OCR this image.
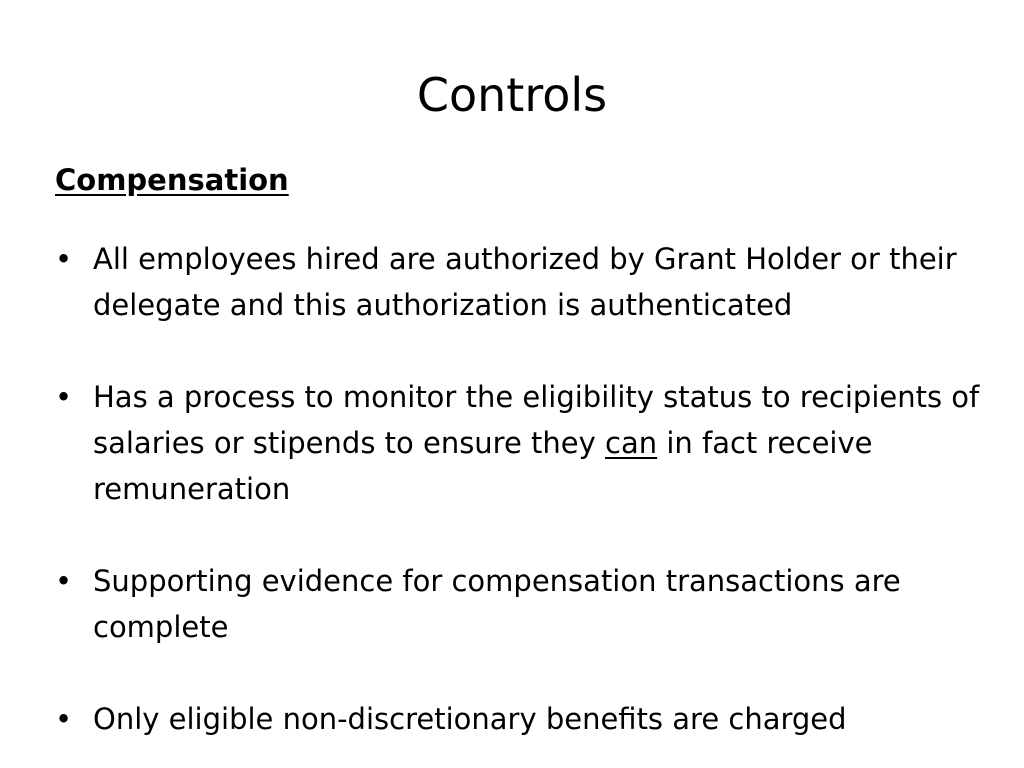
Controls
Compensation
• All employees hired are authorized by Grant Holder or their delegate and this authorization is authenticated
• Has a process to monitor the eligibility status to recipients of salaries or stipends to ensure they can in fact receive remuneration
• Supporting evidence for compensation transactions are complete
• Only eligible non-discretionary benefits are charged
